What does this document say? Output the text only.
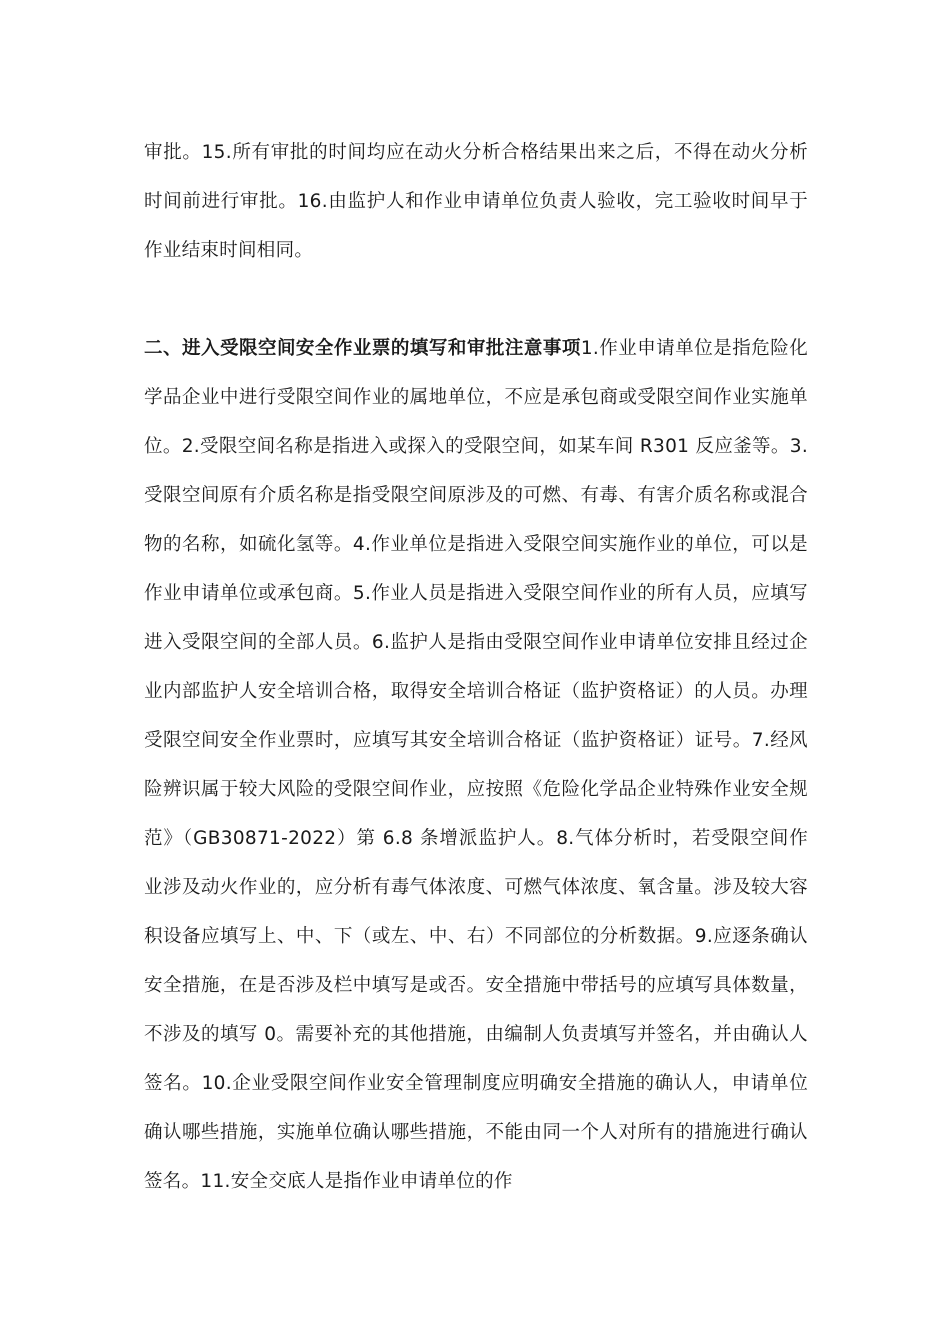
审批。15.所有审批的时间均应在动火分析合格结果出来之后，不得在动火分析时间前进行审批。16.由监护人和作业申请单位负责人验收，完工验收时间早于作业结束时间相同。

二、进入受限空间安全作业票的填写和审批注意事项1.作业申请单位是指危险化学品企业中进行受限空间作业的属地单位，不应是承包商或受限空间作业实施单位。2.受限空间名称是指进入或探入的受限空间，如某车间 R301 反应釜等。3.受限空间原有介质名称是指受限空间原涉及的可燃、有毒、有害介质名称或混合物的名称，如硫化氢等。4.作业单位是指进入受限空间实施作业的单位，可以是作业申请单位或承包商。5.作业人员是指进入受限空间作业的所有人员，应填写进入受限空间的全部人员。6.监护人是指由受限空间作业申请单位安排且经过企业内部监护人安全培训合格，取得安全培训合格证（监护资格证）的人员。办理受限空间安全作业票时，应填写其安全培训合格证（监护资格证）证号。7.经风险辨识属于较大风险的受限空间作业，应按照《危险化学品企业特殊作业安全规范》（GB30871-2022）第 6.8 条增派监护人。8.气体分析时，若受限空间作业涉及动火作业的，应分析有毒气体浓度、可燃气体浓度、氧含量。涉及较大容积设备应填写上、中、下（或左、中、右）不同部位的分析数据。9.应逐条确认安全措施，在是否涉及栏中填写是或否。安全措施中带括号的应填写具体数量，不涉及的填写 0。需要补充的其他措施，由编制人负责填写并签名，并由确认人签名。10.企业受限空间作业安全管理制度应明确安全措施的确认人，申请单位确认哪些措施，实施单位确认哪些措施，不能由同一个人对所有的措施进行确认签名。11.安全交底人是指作业申请单位的作
